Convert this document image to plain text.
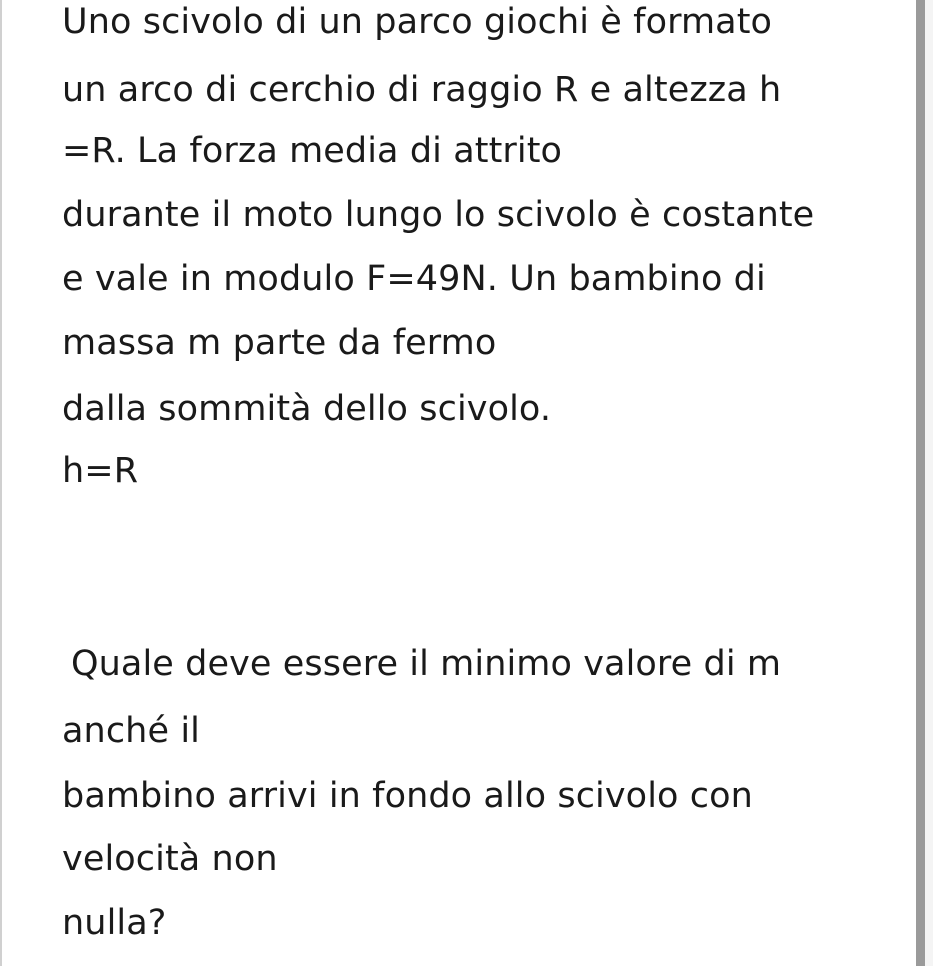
Uno scivolo di un parco giochi è formato

un arco di cerchio di raggio R e altezza h

=R. La forza media di attrito

durante il moto lungo lo scivolo è costante

e vale in modulo F=49N. Un bambino di

massa m parte da fermo

dalla sommità dello scivolo.

h=R

Quale deve essere il minimo valore di m

anché il

bambino arrivi in fondo allo scivolo con

velocità non

nulla?
